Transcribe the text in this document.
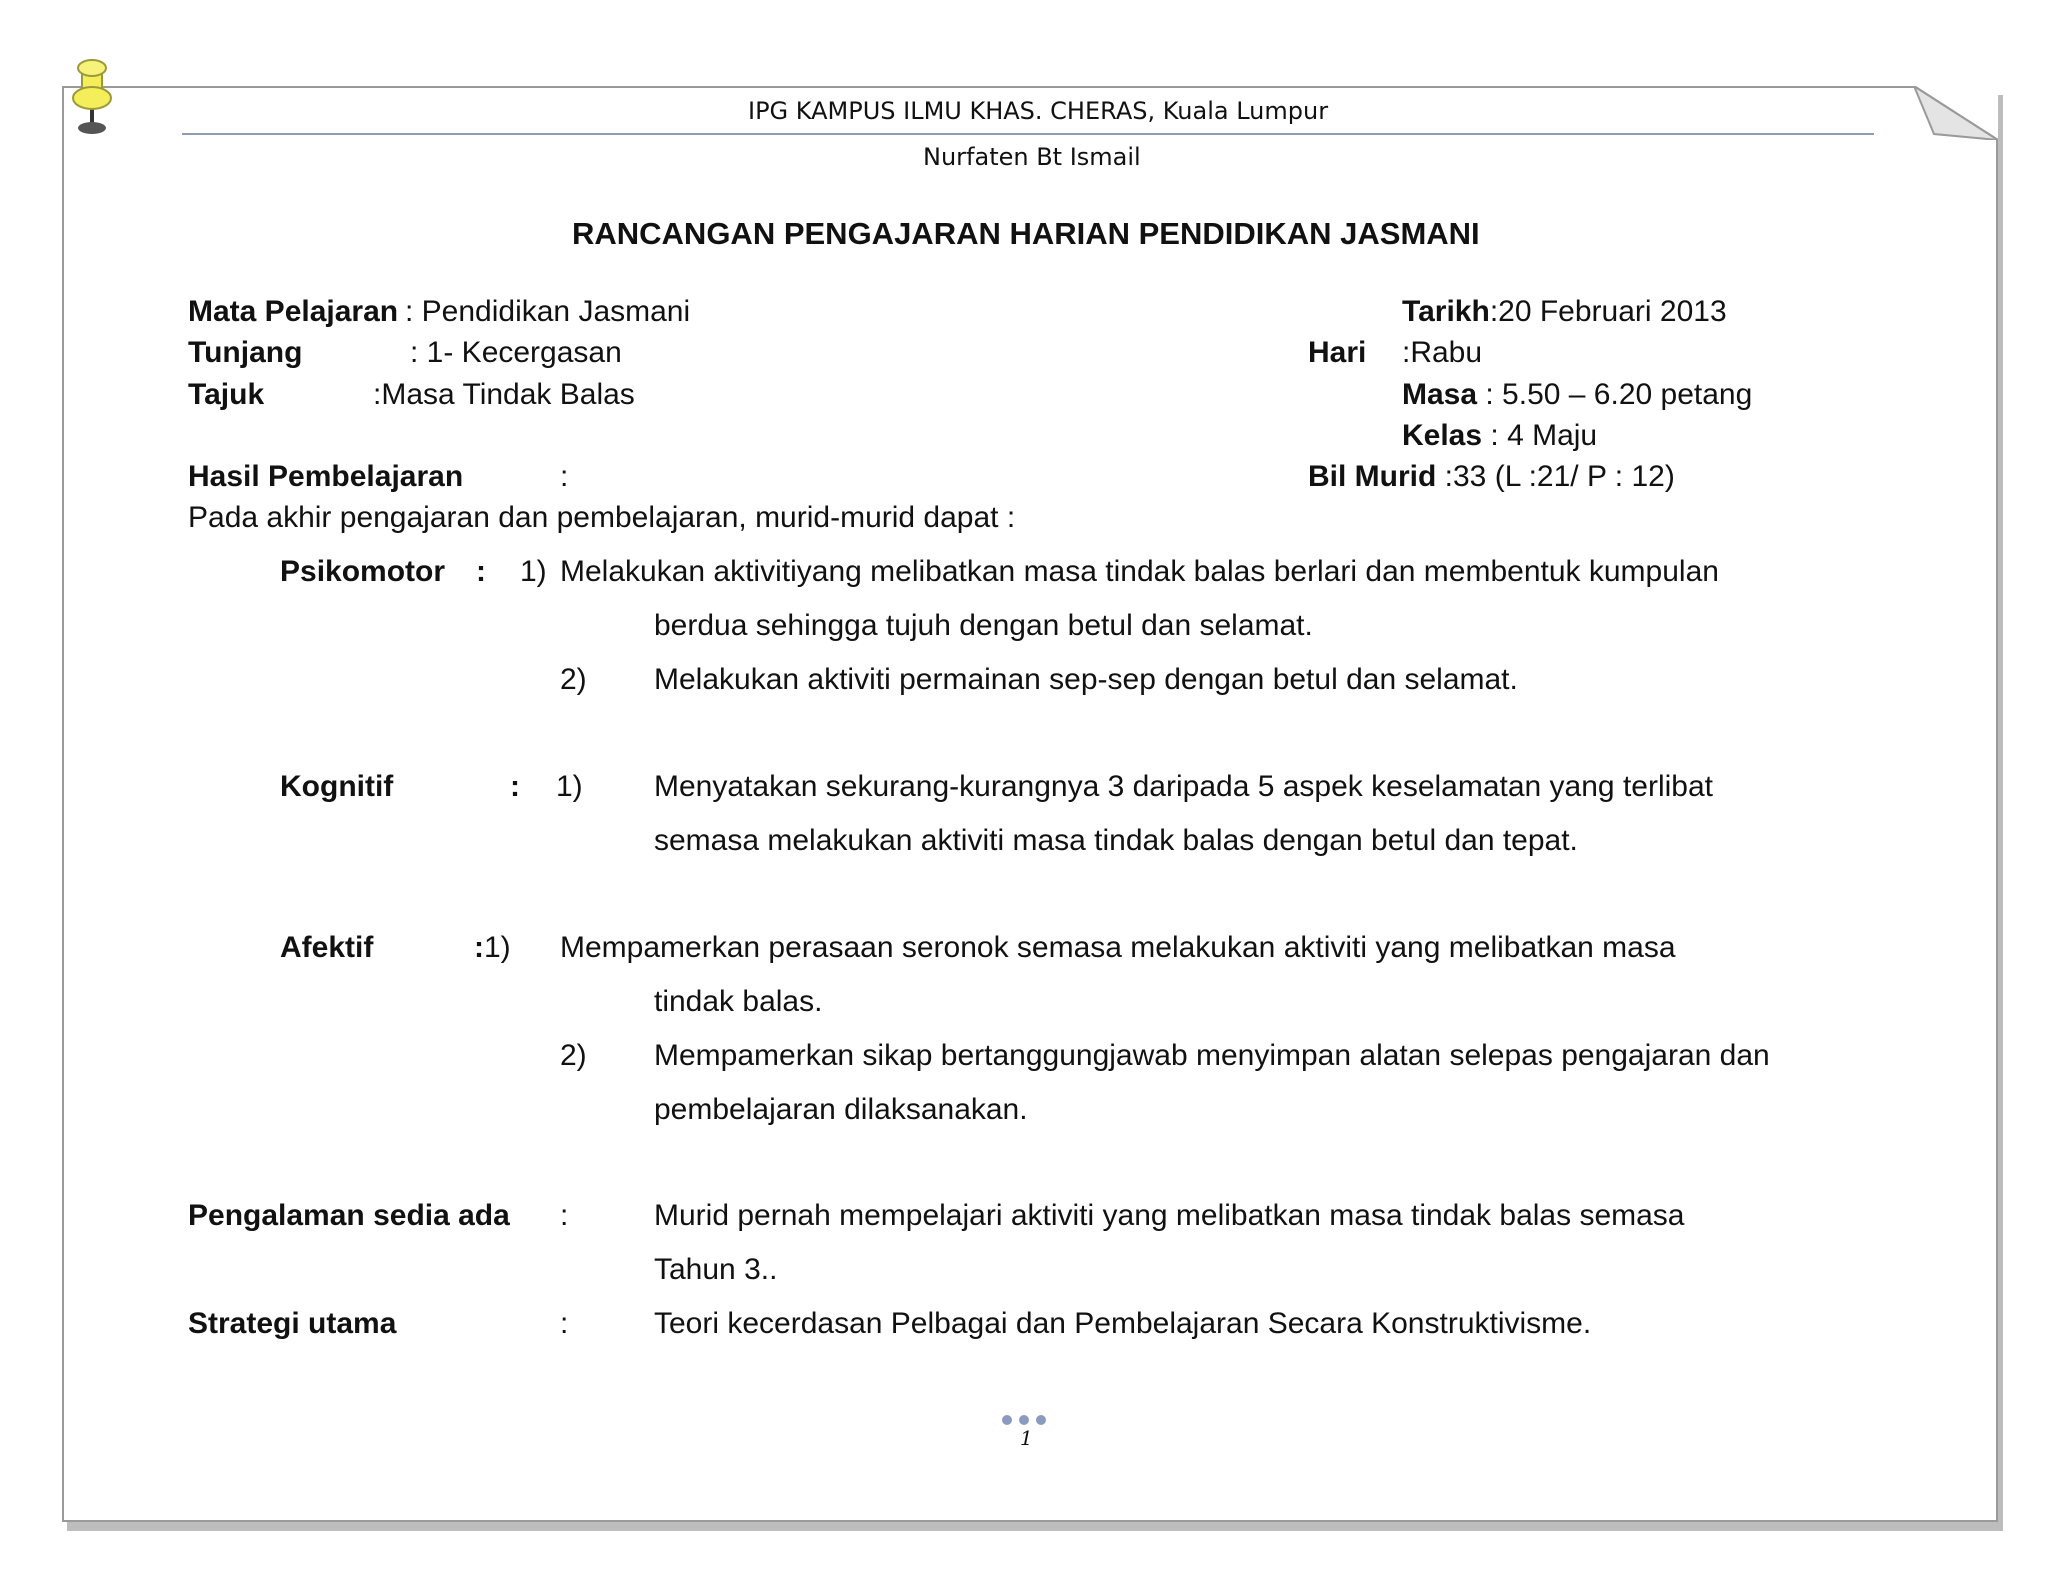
IPG KAMPUS ILMU KHAS. CHERAS, Kuala Lumpur
Nurfaten Bt Ismail
RANCANGAN PENGAJARAN HARIAN PENDIDIKAN JASMANI
Mata Pelajaran : Pendidikan Jasmani
Tunjang	: 1- Kecergasan
Tajuk	:Masa Tindak Balas
Tarikh:20 Februari 2013
Hari :Rabu
Masa : 5.50 – 6.20 petang
Kelas : 4 Maju
Hasil Pembelajaran	:	Bil Murid :33 (L :21/ P : 12)
Pada akhir pengajaran dan pembelajaran, murid-murid dapat :
Psikomotor : 1) Melakukan aktivitiyang melibatkan masa tindak balas berlari dan membentuk kumpulan
berdua sehingga tujuh dengan betul dan selamat.
2) Melakukan aktiviti permainan sep-sep dengan betul dan selamat.
Kognitif	: 1) Menyatakan sekurang-kurangnya 3 daripada 5 aspek keselamatan yang terlibat
semasa melakukan aktiviti masa tindak balas dengan betul dan tepat.
Afektif	:1) Mempamerkan perasaan seronok semasa melakukan aktiviti yang melibatkan masa
tindak balas.
2) Mempamerkan sikap bertanggungjawab menyimpan alatan selepas pengajaran dan
pembelajaran dilaksanakan.
Pengalaman sedia ada :	Murid pernah mempelajari aktiviti yang melibatkan masa tindak balas semasa
Tahun 3..
Strategi utama	:	Teori kecerdasan Pelbagai dan Pembelajaran Secara Konstruktivisme.
1
